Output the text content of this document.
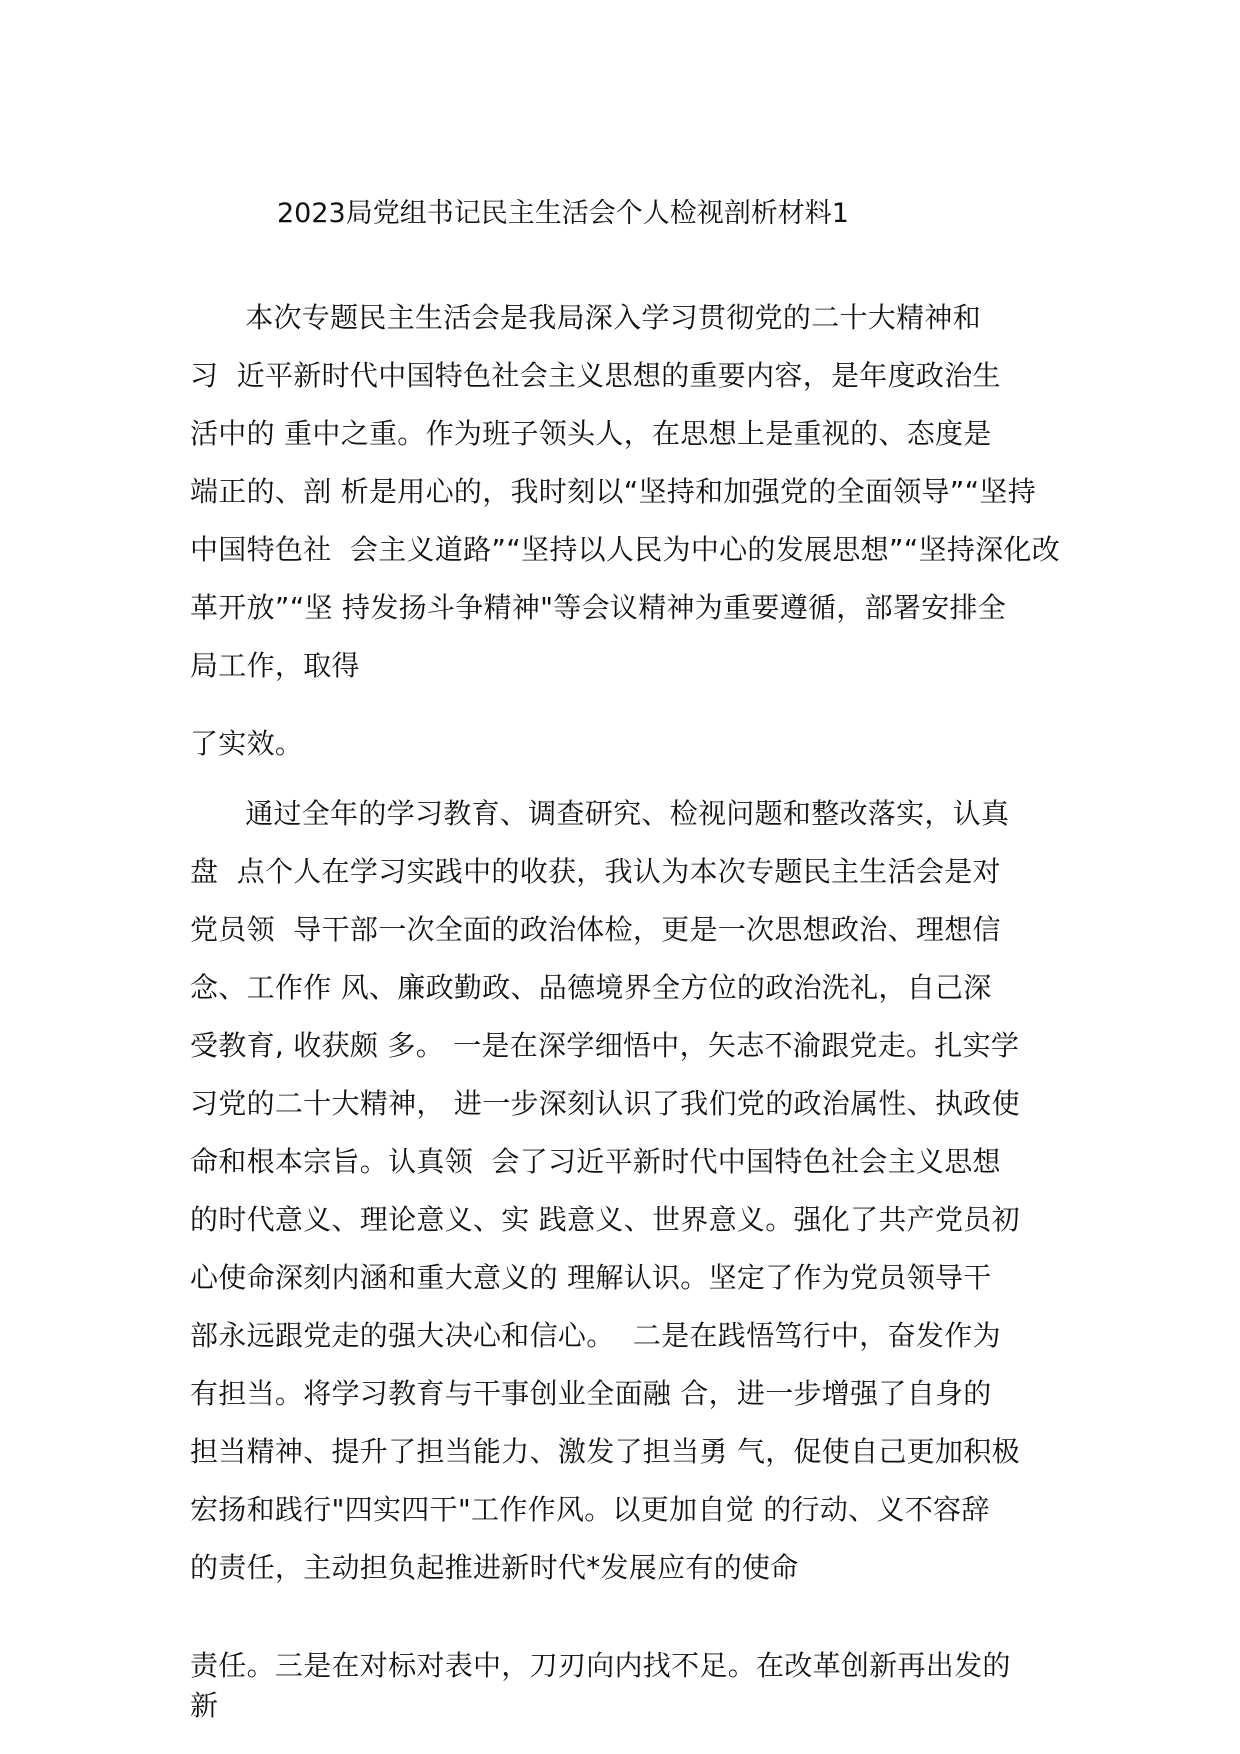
2023局党组书记民主生活会个人检视剖析材料1
本次专题民主生活会是我局深入学习贯彻党的二十大精神和
习  近平新时代中国特色社会主义思想的重要内容，是年度政治生
活中的 重中之重。作为班子领头人，在思想上是重视的、态度是
端正的、剖 析是用心的，我时刻以“坚持和加强党的全面领导”“坚持
中国特色社  会主义道路”“坚持以人民为中心的发展思想”“坚持深化改
革开放”“坚 持发扬斗争精神"等会议精神为重要遵循，部署安排全
局工作，取得
了实效。
通过全年的学习教育、调查研究、检视问题和整改落实，认真
盘  点个人在学习实践中的收获，我认为本次专题民主生活会是对
党员领  导干部一次全面的政治体检，更是一次思想政治、理想信
念、工作作 风、廉政勤政、品德境界全方位的政治洗礼，自己深
受教育, 收获颇 多。 一是在深学细悟中，矢志不渝跟党走。扎实学
习党的二十大精神， 进一步深刻认识了我们党的政治属性、执政使
命和根本宗旨。认真领  会了习近平新时代中国特色社会主义思想
的时代意义、理论意义、实 践意义、世界意义。强化了共产党员初
心使命深刻内涵和重大意义的 理解认识。坚定了作为党员领导干
部永远跟党走的强大决心和信心。  二是在践悟笃行中，奋发作为
有担当。将学习教育与干事创业全面融 合，进一步增强了自身的
担当精神、提升了担当能力、激发了担当勇 气，促使自己更加积极
宏扬和践行"四实四干"工作作风。以更加自觉 的行动、义不容辞
的责任，主动担负起推进新时代*发展应有的使命
责任。三是在对标对表中，刀刃向内找不足。在改革创新再出发的
新
